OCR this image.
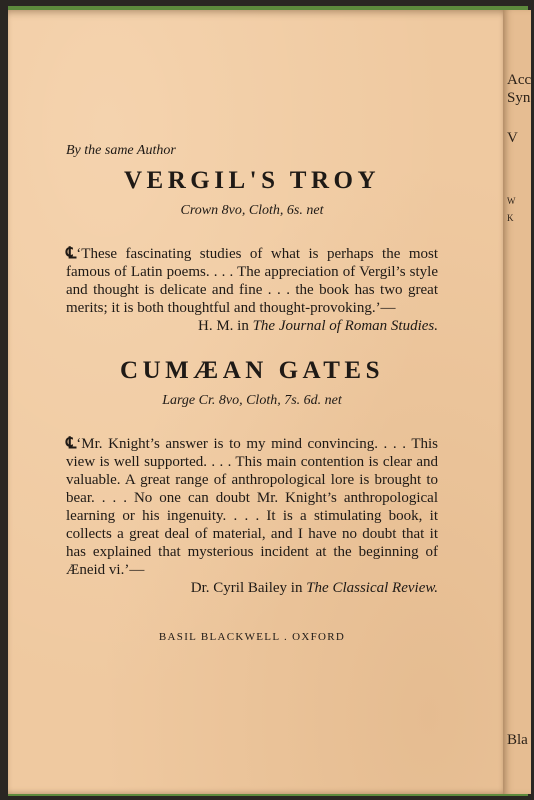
Acc
Syn
V
W
K
Bla

By the same Author

VERGIL'S TROY

Crown 8vo, Cloth, 6s. net

℄‘These fascinating studies of what is perhaps the most famous of Latin poems. . . . The appreciation of Vergil’s style and thought is delicate and fine . . . the book has two great merits; it is both thoughtful and thought-provoking.’—

H. M. in The Journal of Roman Studies.

CUMÆAN GATES

Large Cr. 8vo, Cloth, 7s. 6d. net

℄‘Mr. Knight’s answer is to my mind convincing. . . . This view is well supported. . . . This main contention is clear and valuable. A great range of anthropological lore is brought to bear. . . . No one can doubt Mr. Knight’s anthropological learning or his ingenuity. . . . It is a stimulating book, it collects a great deal of material, and I have no doubt that it has explained that mysterious incident at the beginning of Æneid vi.’—

Dr. Cyril Bailey in The Classical Review.

BASIL BLACKWELL . OXFORD
